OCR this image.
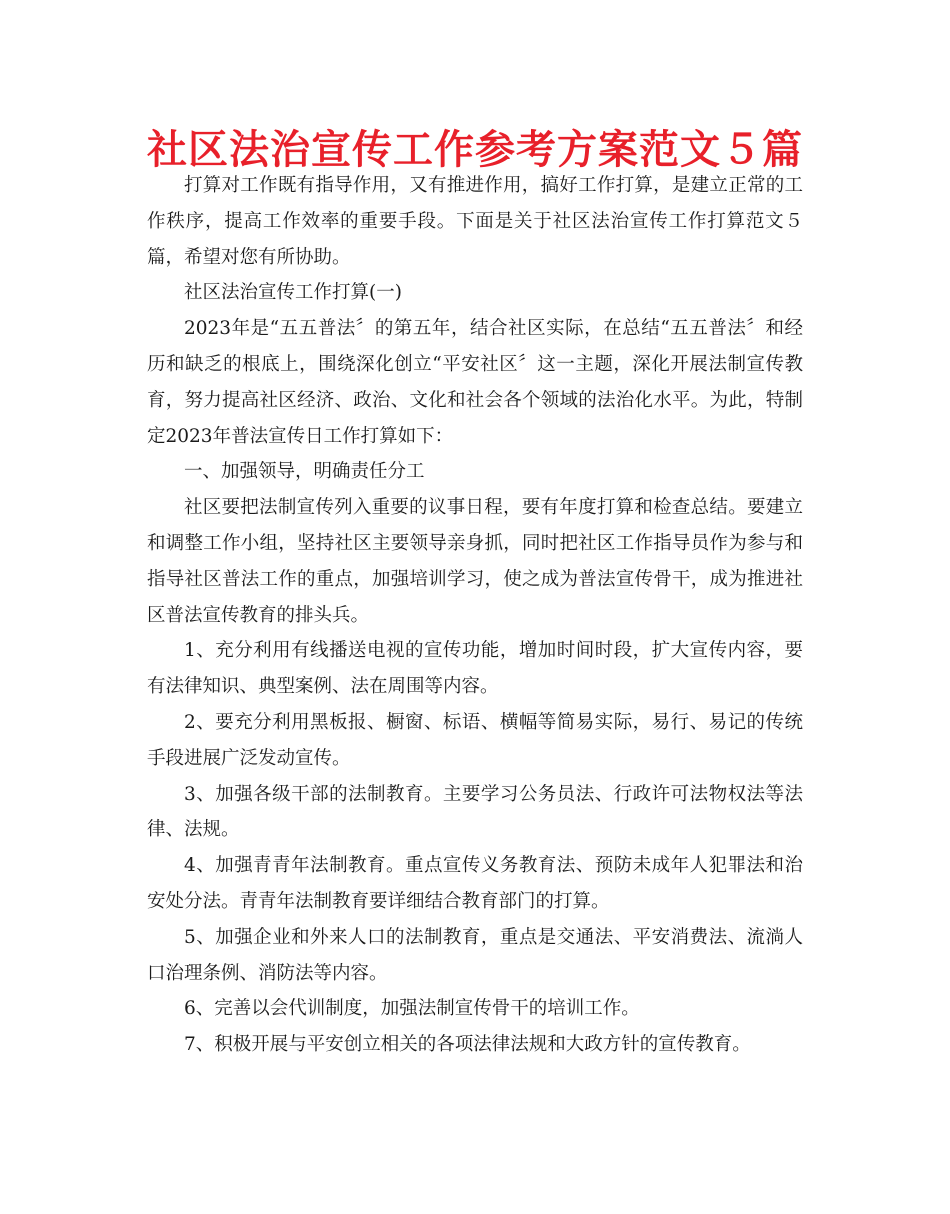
社区法治宣传工作参考方案范文５篇

打算对工作既有指导作用，又有推进作用，搞好工作打算，是建立正常的工作秩序，提高工作效率的重要手段。下面是关于社区法治宣传工作打算范文５篇，希望对您有所协助。

社区法治宣传工作打算(一)

2023年是“五五普法〞的第五年，结合社区实际，在总结“五五普法〞和经历和缺乏的根底上，围绕深化创立“平安社区〞这一主题，深化开展法制宣传教育，努力提高社区经济、政治、文化和社会各个领域的法治化水平。为此，特制定2023年普法宣传日工作打算如下：

一、加强领导，明确责任分工

社区要把法制宣传列入重要的议事日程，要有年度打算和检查总结。要建立和调整工作小组，坚持社区主要领导亲身抓，同时把社区工作指导员作为参与和指导社区普法工作的重点，加强培训学习，使之成为普法宣传骨干，成为推进社区普法宣传教育的排头兵。

1、充分利用有线播送电视的宣传功能，增加时间时段，扩大宣传内容，要有法律知识、典型案例、法在周围等内容。

2、要充分利用黑板报、橱窗、标语、横幅等简易实际，易行、易记的传统手段进展广泛发动宣传。

3、加强各级干部的法制教育。主要学习公务员法、行政许可法物权法等法律、法规。

4、加强青青年法制教育。重点宣传义务教育法、预防未成年人犯罪法和治安处分法。青青年法制教育要详细结合教育部门的打算。

5、加强企业和外来人口的法制教育，重点是交通法、平安消费法、流淌人口治理条例、消防法等内容。

6、完善以会代训制度，加强法制宣传骨干的培训工作。

7、积极开展与平安创立相关的各项法律法规和大政方针的宣传教育。
